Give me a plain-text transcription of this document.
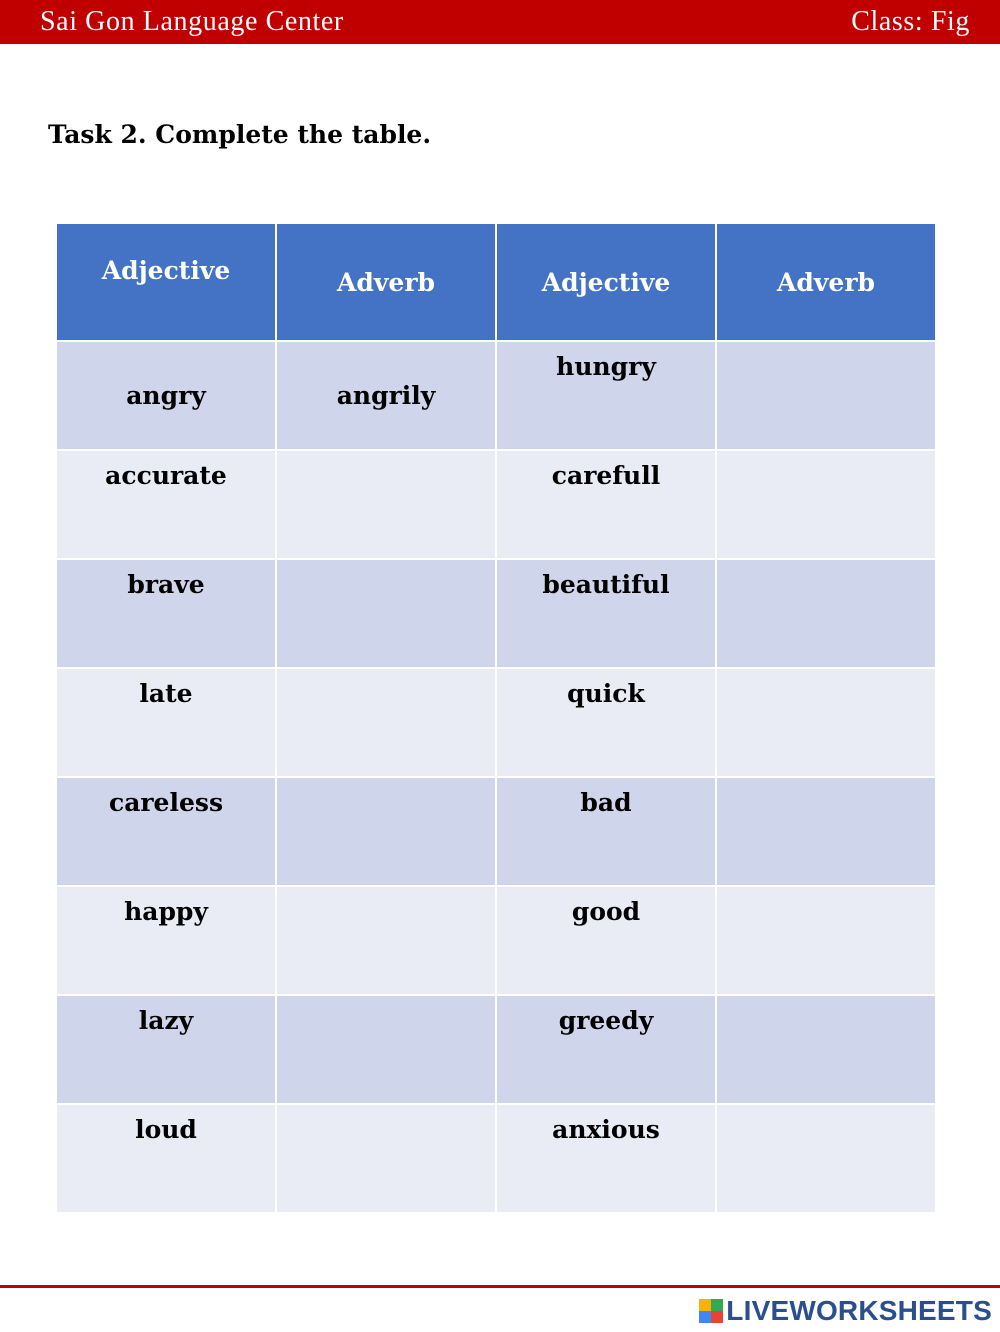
Sai Gon Language Center	Class: Fig
Task 2. Complete the table.
Adjective	Adverb	Adjective	Adverb
angry	angrily	hungry	
accurate		carefull	
brave		beautiful	
late		quick	
careless		bad	
happy		good	
lazy		greedy	
loud		anxious	
LIVEWORKSHEETS
